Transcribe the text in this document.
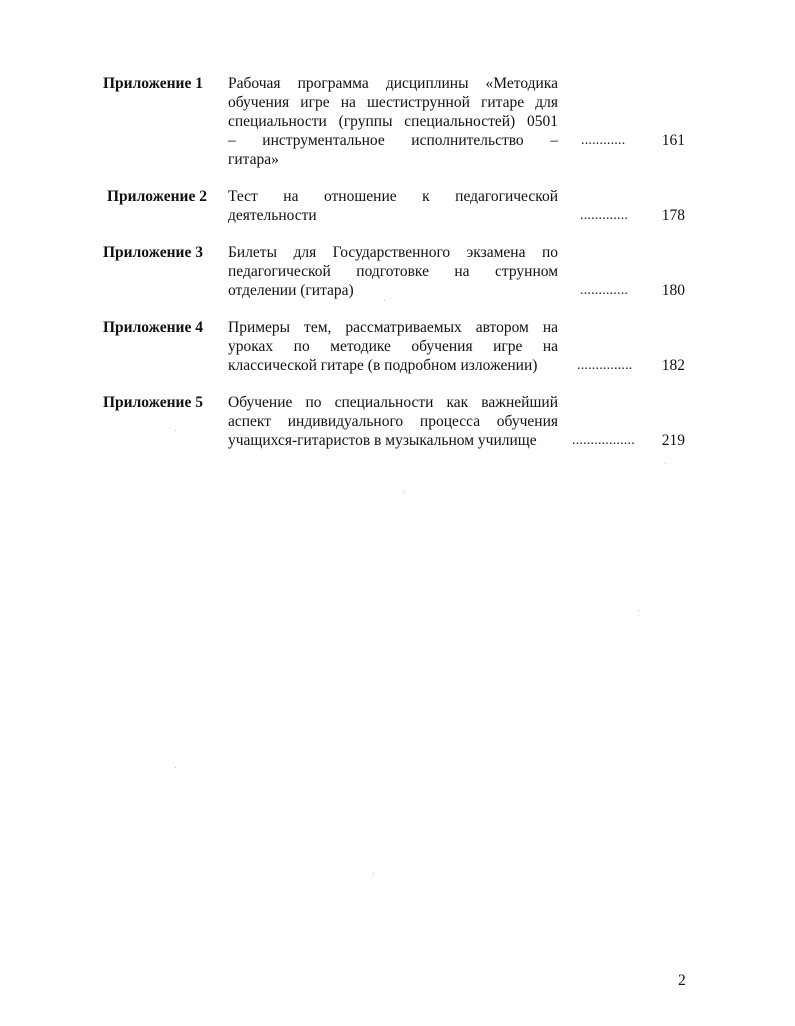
Приложение 1 Рабочая программа дисциплины «Методика
обучения игре на шестиструнной гитаре для
специальности (группы специальностей) 0501
– инструментальное исполнительство –
гитара»
............	161
Приложение 2 Тест на отношение к педагогической
деятельности	.............	178
Приложение 3 Билеты для Государственного экзамена по
педагогической подготовке на струнном
отделении (гитара)	.............	180
Приложение 4 Примеры тем, рассматриваемых автором на
уроках по методике обучения игре на
классической гитаре (в подробном изложении)	...............	182
Приложение 5 Обучение по специальности как важнейший
аспект индивидуального процесса обучения
учащихся-гитаристов в музыкальном училище	.................	219
2
